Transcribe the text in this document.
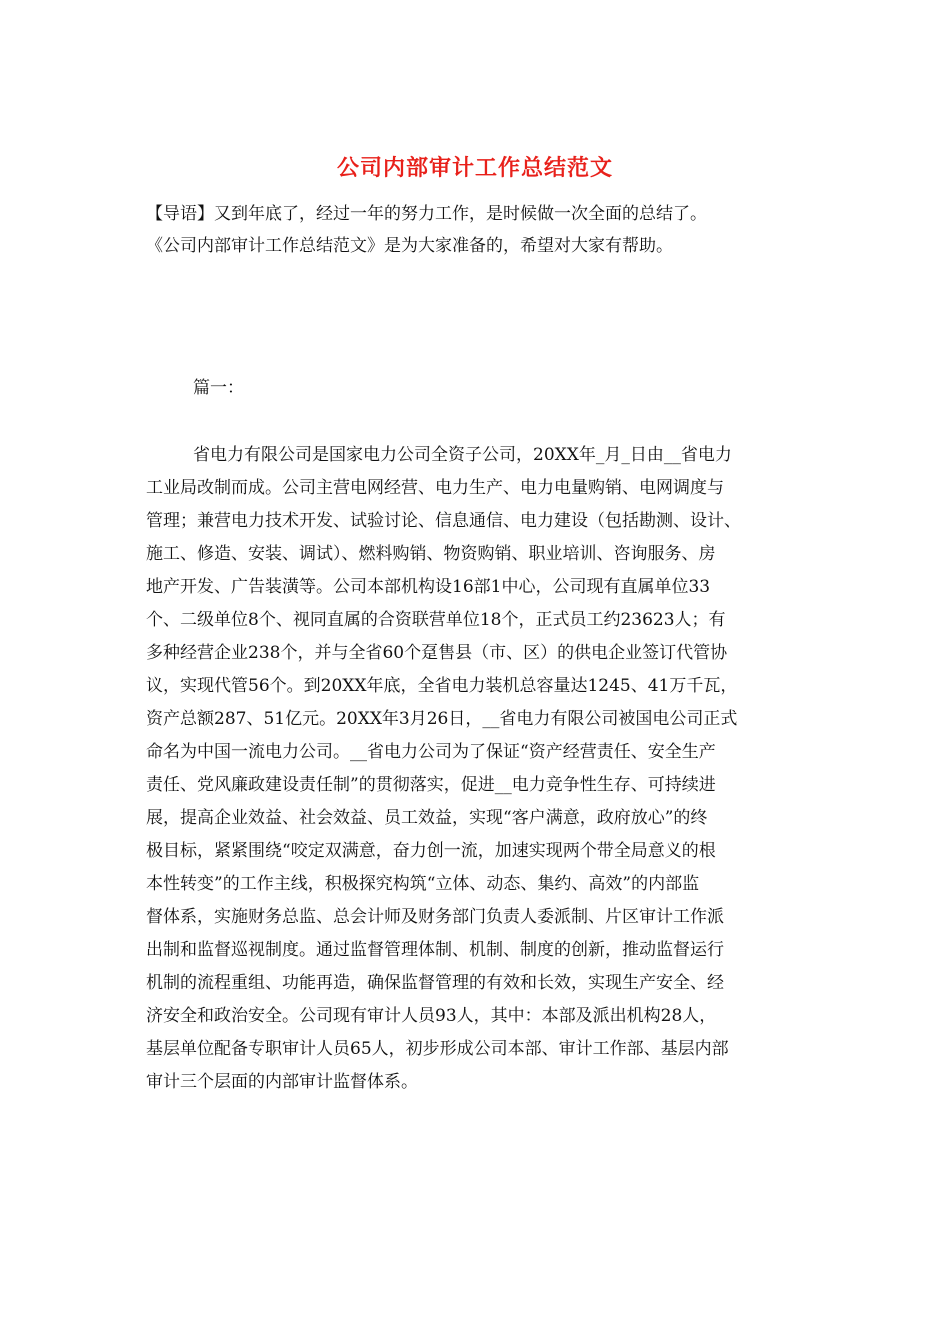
公司内部审计工作总结范文
【导语】又到年底了，经过一年的努力工作，是时候做一次全面的总结了。
《公司内部审计工作总结范文》是为大家准备的，希望对大家有帮助。
篇一：
省电力有限公司是国家电力公司全资子公司，20XX年_月_日由__省电力
工业局改制而成。公司主营电网经营、电力生产、电力电量购销、电网调度与
管理；兼营电力技术开发、试验讨论、信息通信、电力建设（包括勘测、设计、
施工、修造、安装、调试）、燃料购销、物资购销、职业培训、咨询服务、房
地产开发、广告装潢等。公司本部机构设16部1中心，公司现有直属单位33
个、二级单位8个、视同直属的合资联营单位18个，正式员工约23623人；有
多种经营企业238个，并与全省60个趸售县（市、区）的供电企业签订代管协
议，实现代管56个。到20XX年底，全省电力装机总容量达1245、41万千瓦，
资产总额287、51亿元。20XX年3月26日，__省电力有限公司被国电公司正式
命名为中国一流电力公司。__省电力公司为了保证“资产经营责任、安全生产
责任、党风廉政建设责任制”的贯彻落实，促进__电力竞争性生存、可持续进
展，提高企业效益、社会效益、员工效益，实现“客户满意，政府放心”的终
极目标，紧紧围绕“咬定双满意，奋力创一流，加速实现两个带全局意义的根
本性转变”的工作主线，积极探究构筑“立体、动态、集约、高效”的内部监
督体系，实施财务总监、总会计师及财务部门负责人委派制、片区审计工作派
出制和监督巡视制度。通过监督管理体制、机制、制度的创新，推动监督运行
机制的流程重组、功能再造，确保监督管理的有效和长效，实现生产安全、经
济安全和政治安全。公司现有审计人员93人，其中：本部及派出机构28人，
基层单位配备专职审计人员65人，初步形成公司本部、审计工作部、基层内部
审计三个层面的内部审计监督体系。
